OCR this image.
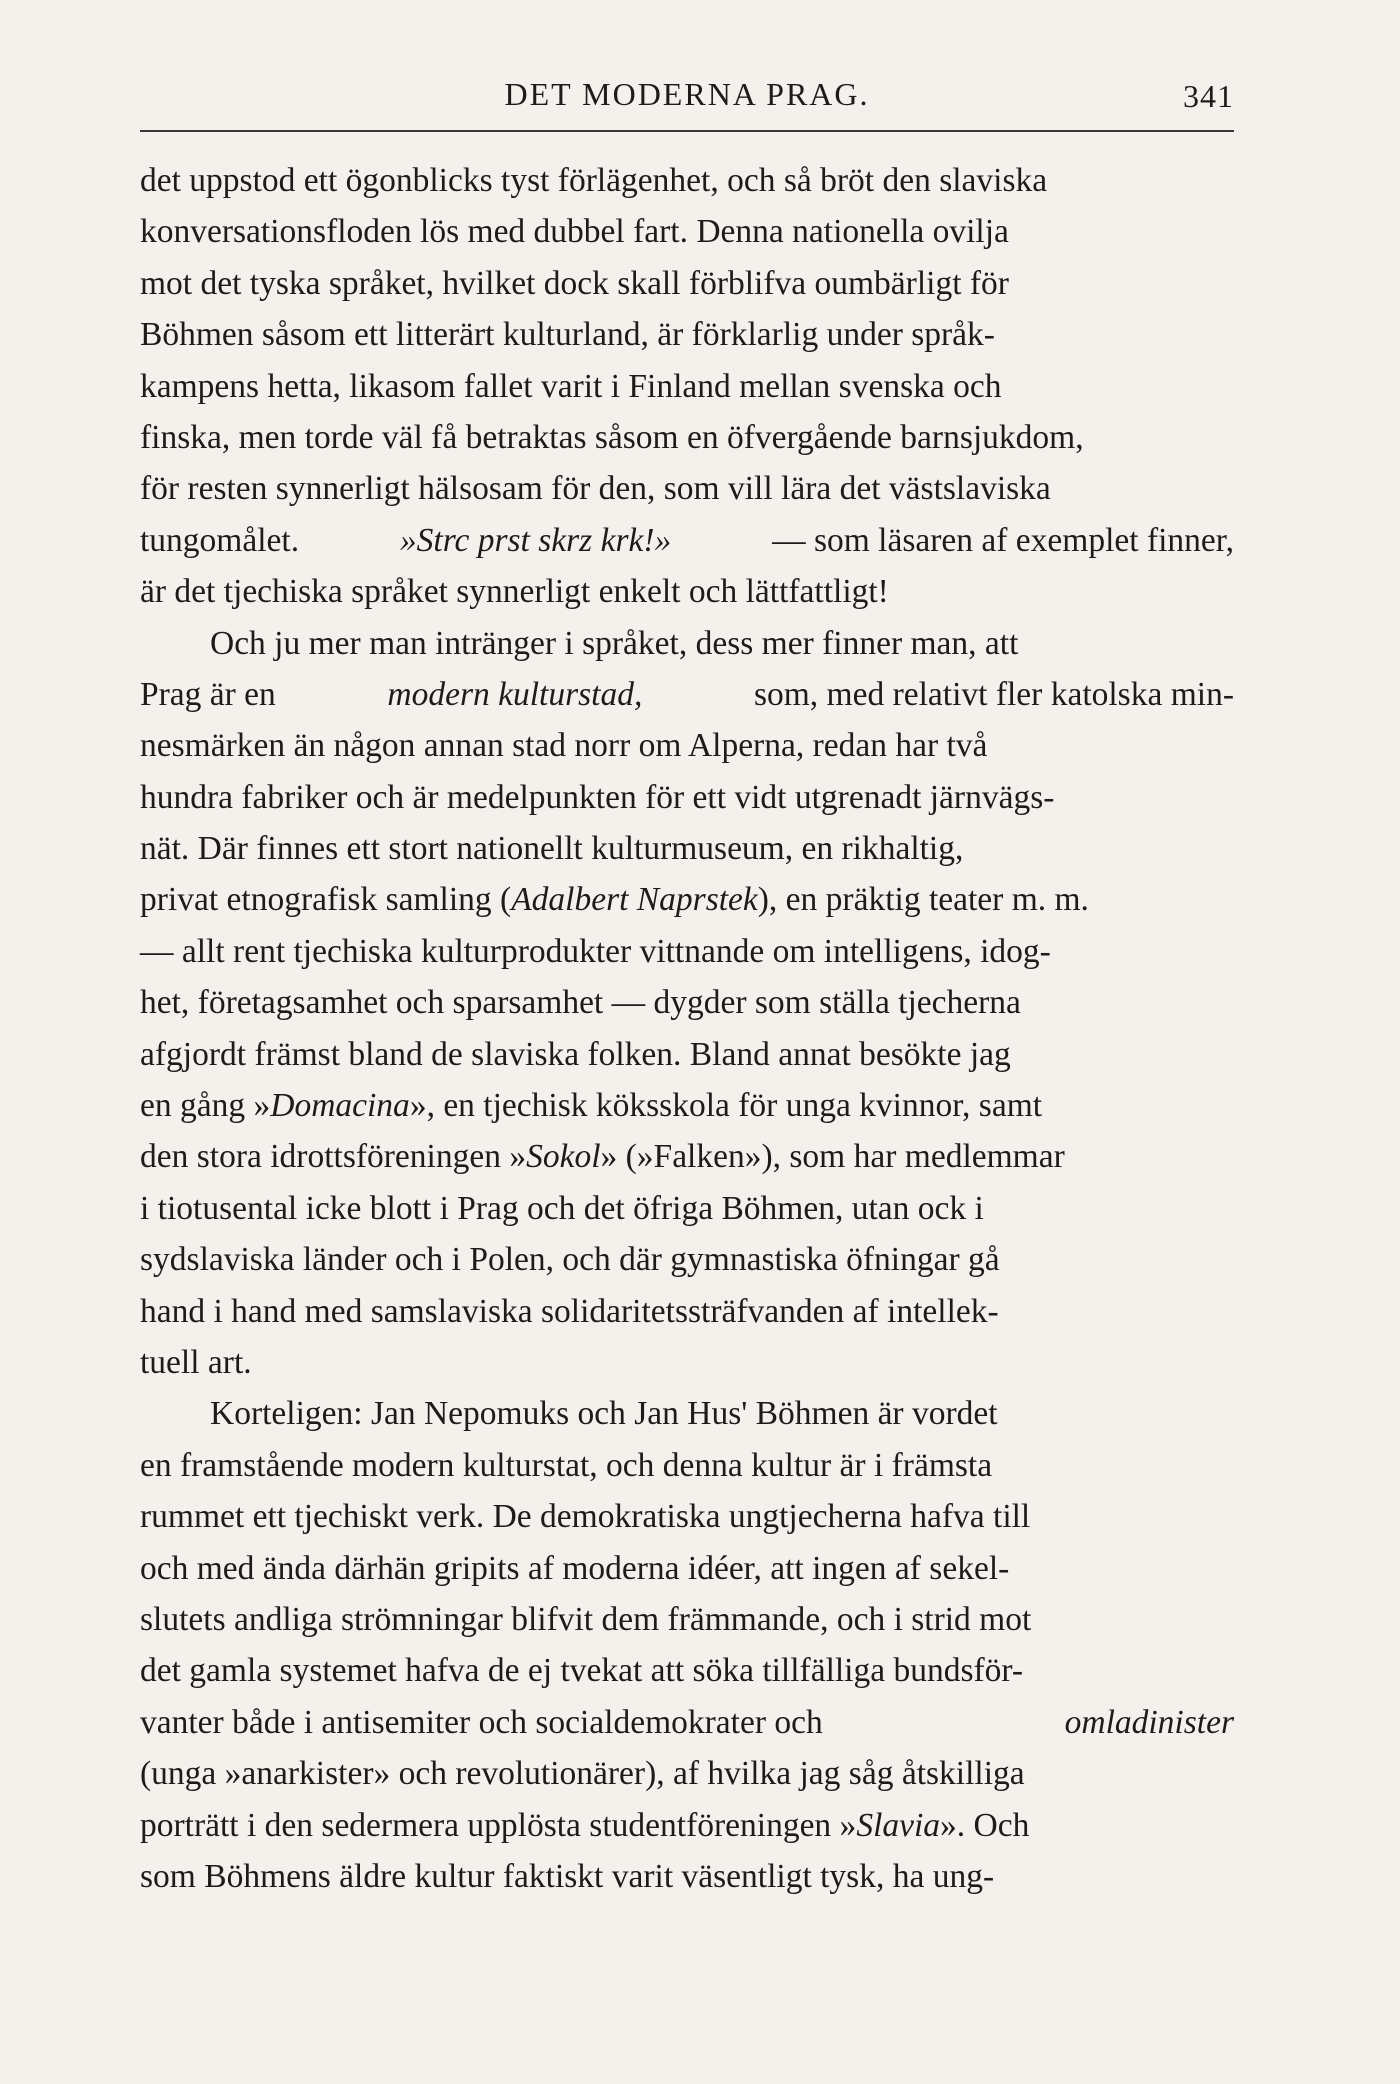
DET MODERNA PRAG.	341
det uppstod ett ögonblicks tyst förlägenhet, och så bröt den slaviska
konversationsfloden lös med dubbel fart. Denna nationella ovilja
mot det tyska språket, hvilket dock skall förblifva oumbärligt för
Böhmen såsom ett litterärt kulturland, är förklarlig under språk-
kampens hetta, likasom fallet varit i Finland mellan svenska och
finska, men torde väl få betraktas såsom en öfvergående barnsjukdom,
för resten synnerligt hälsosam för den, som vill lära det västslaviska
tungomålet.	»Strc prst skrz krk!»	— som läsaren af exemplet finner,
är det tjechiska språket synnerligt enkelt och lättfattligt!
Och ju mer man intränger i språket, dess mer finner man, att
Prag är en	modern kulturstad,	som, med relativt fler katolska min-
nesmärken än någon annan stad norr om Alperna, redan har två
hundra fabriker och är medelpunkten för ett vidt utgrenadt järnvägs-
nät. Där finnes ett stort nationellt kulturmuseum, en rikhaltig,
privat etnografisk samling (Adalbert Naprstek), en präktig teater m. m.
— allt rent tjechiska kulturprodukter vittnande om intelligens, idog-
het, företagsamhet och sparsamhet — dygder som ställa tjecherna
afgjordt främst bland de slaviska folken. Bland annat besökte jag
en gång »Domacina», en tjechisk köksskola för unga kvinnor, samt
den stora idrottsföreningen »Sokol» (»Falken»), som har medlemmar
i tiotusental icke blott i Prag och det öfriga Böhmen, utan ock i
sydslaviska länder och i Polen, och där gymnastiska öfningar gå
hand i hand med samslaviska solidaritetssträfvanden af intellek-
tuell art.
Korteligen: Jan Nepomuks och Jan Hus' Böhmen är vordet
en framstående modern kulturstat, och denna kultur är i främsta
rummet ett tjechiskt verk. De demokratiska ungtjecherna hafva till
och med ända därhän gripits af moderna idéer, att ingen af sekel-
slutets andliga strömningar blifvit dem främmande, och i strid mot
det gamla systemet hafva de ej tvekat att söka tillfälliga bundsför-
vanter både i antisemiter och socialdemokrater och	omladinister
(unga »anarkister» och revolutionärer), af hvilka jag såg åtskilliga
porträtt i den sedermera upplösta studentföreningen »Slavia». Och
som Böhmens äldre kultur faktiskt varit väsentligt tysk, ha ung-
